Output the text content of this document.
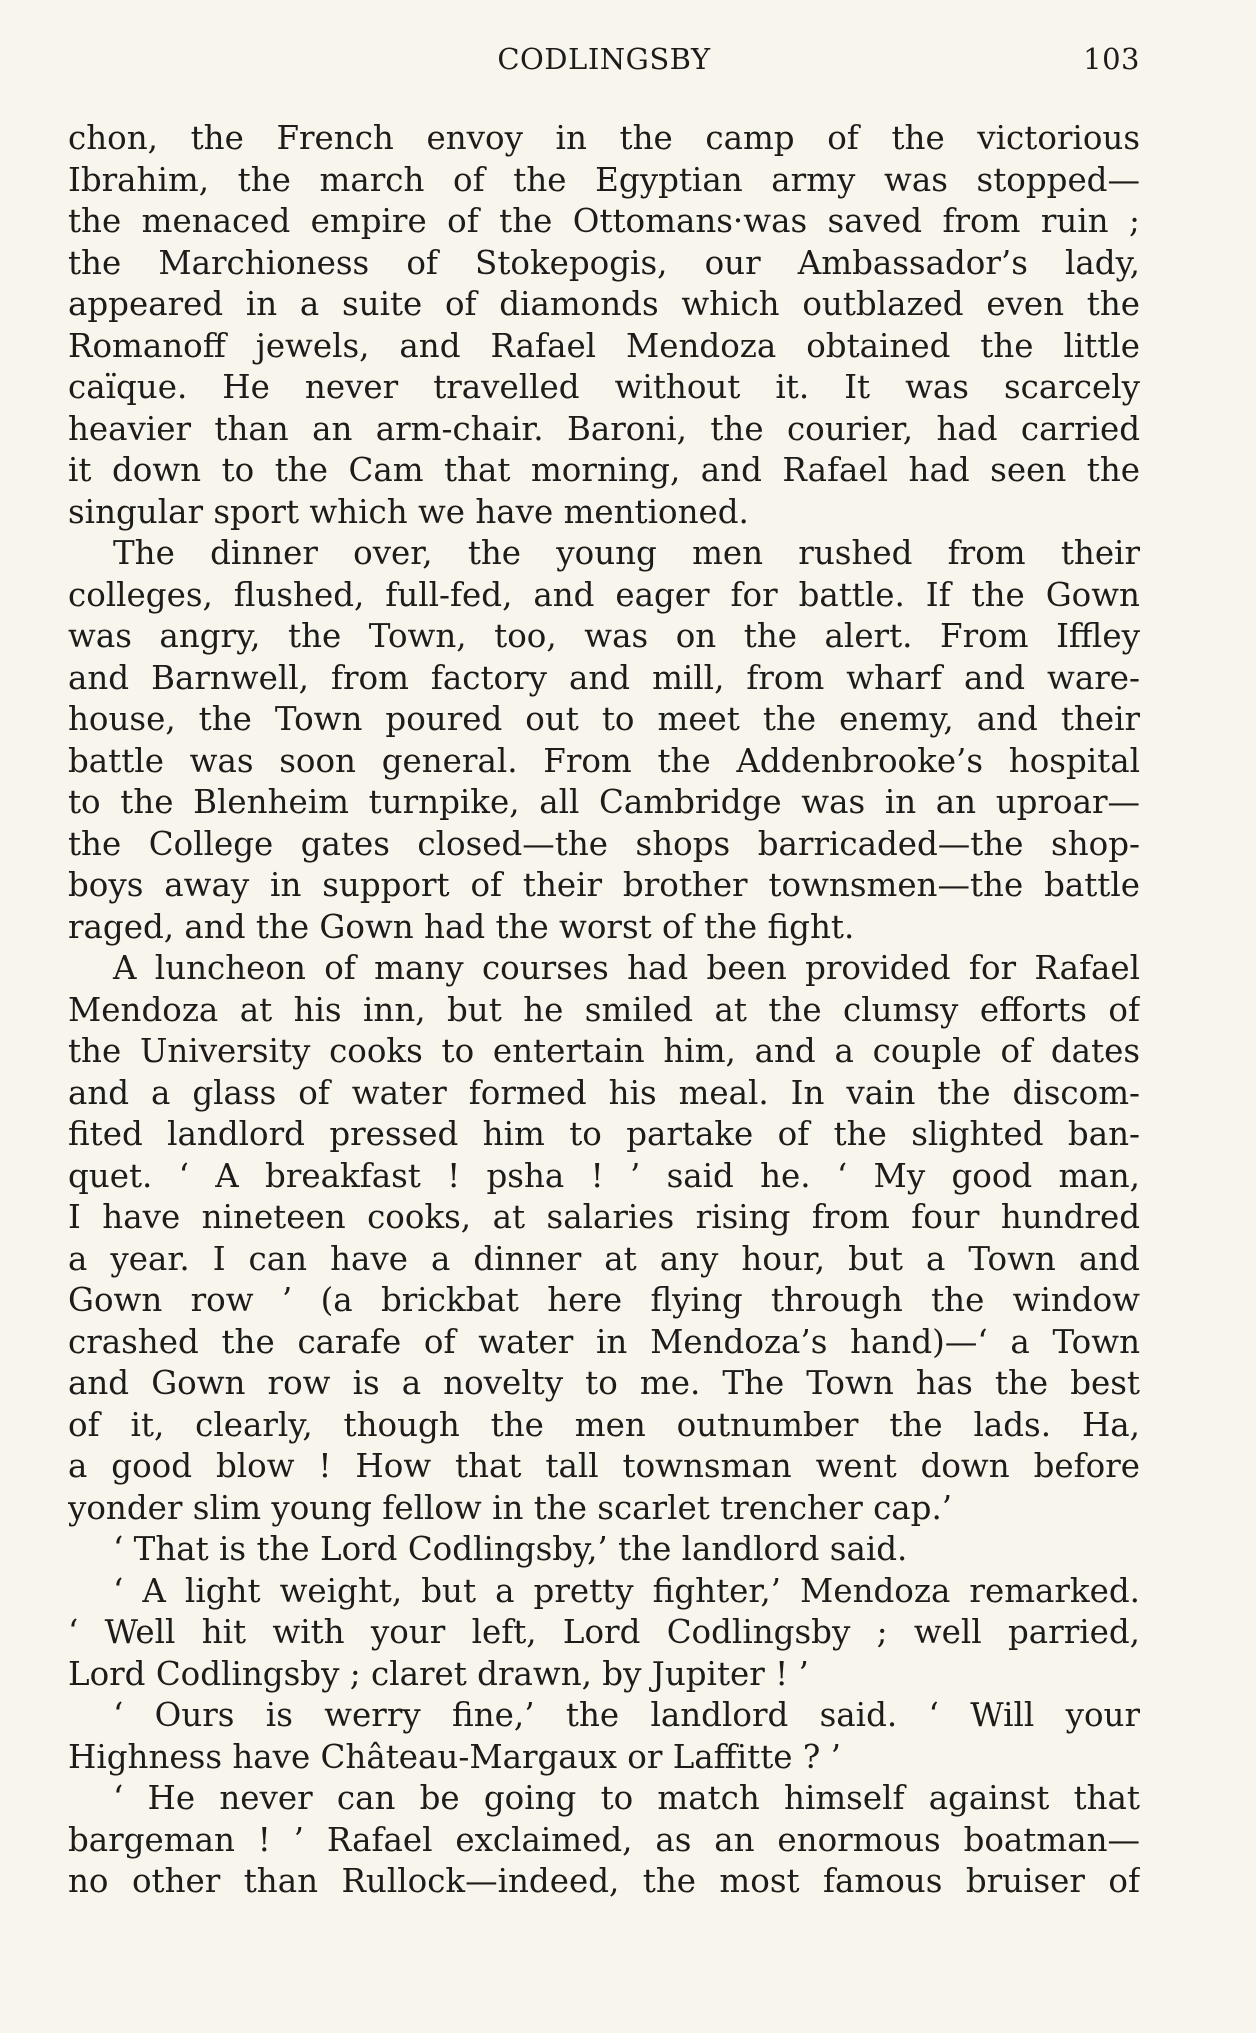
CODLINGSBY	103
chon, the French envoy in the camp of the victorious
Ibrahim, the march of the Egyptian army was stopped—
the menaced empire of the Ottomans·was saved from ruin ;
the Marchioness of Stokepogis, our Ambassador’s lady,
appeared in a suite of diamonds which outblazed even the
Romanoff jewels, and Rafael Mendoza obtained the little
caïque. He never travelled without it. It was scarcely
heavier than an arm-chair. Baroni, the courier, had carried
it down to the Cam that morning, and Rafael had seen the
singular sport which we have mentioned.
The dinner over, the young men rushed from their
colleges, flushed, full-fed, and eager for battle. If the Gown
was angry, the Town, too, was on the alert. From Iffley
and Barnwell, from factory and mill, from wharf and ware-
house, the Town poured out to meet the enemy, and their
battle was soon general. From the Addenbrooke’s hospital
to the Blenheim turnpike, all Cambridge was in an uproar—
the College gates closed—the shops barricaded—the shop-
boys away in support of their brother townsmen—the battle
raged, and the Gown had the worst of the fight.
A luncheon of many courses had been provided for Rafael
Mendoza at his inn, but he smiled at the clumsy efforts of
the University cooks to entertain him, and a couple of dates
and a glass of water formed his meal. In vain the discom-
fited landlord pressed him to partake of the slighted ban-
quet. ‘ A breakfast ! psha ! ’ said he. ‘ My good man,
I have nineteen cooks, at salaries rising from four hundred
a year. I can have a dinner at any hour, but a Town and
Gown row ’ (a brickbat here flying through the window
crashed the carafe of water in Mendoza’s hand)—‘ a Town
and Gown row is a novelty to me. The Town has the best
of it, clearly, though the men outnumber the lads. Ha,
a good blow ! How that tall townsman went down before
yonder slim young fellow in the scarlet trencher cap.’
‘ That is the Lord Codlingsby,’ the landlord said.
‘ A light weight, but a pretty fighter,’ Mendoza remarked.
‘ Well hit with your left, Lord Codlingsby ; well parried,
Lord Codlingsby ; claret drawn, by Jupiter ! ’
‘ Ours is werry fine,’ the landlord said. ‘ Will your
Highness have Château-Margaux or Laffitte ? ’
‘ He never can be going to match himself against that
bargeman ! ’ Rafael exclaimed, as an enormous boatman—
no other than Rullock—indeed, the most famous bruiser of
